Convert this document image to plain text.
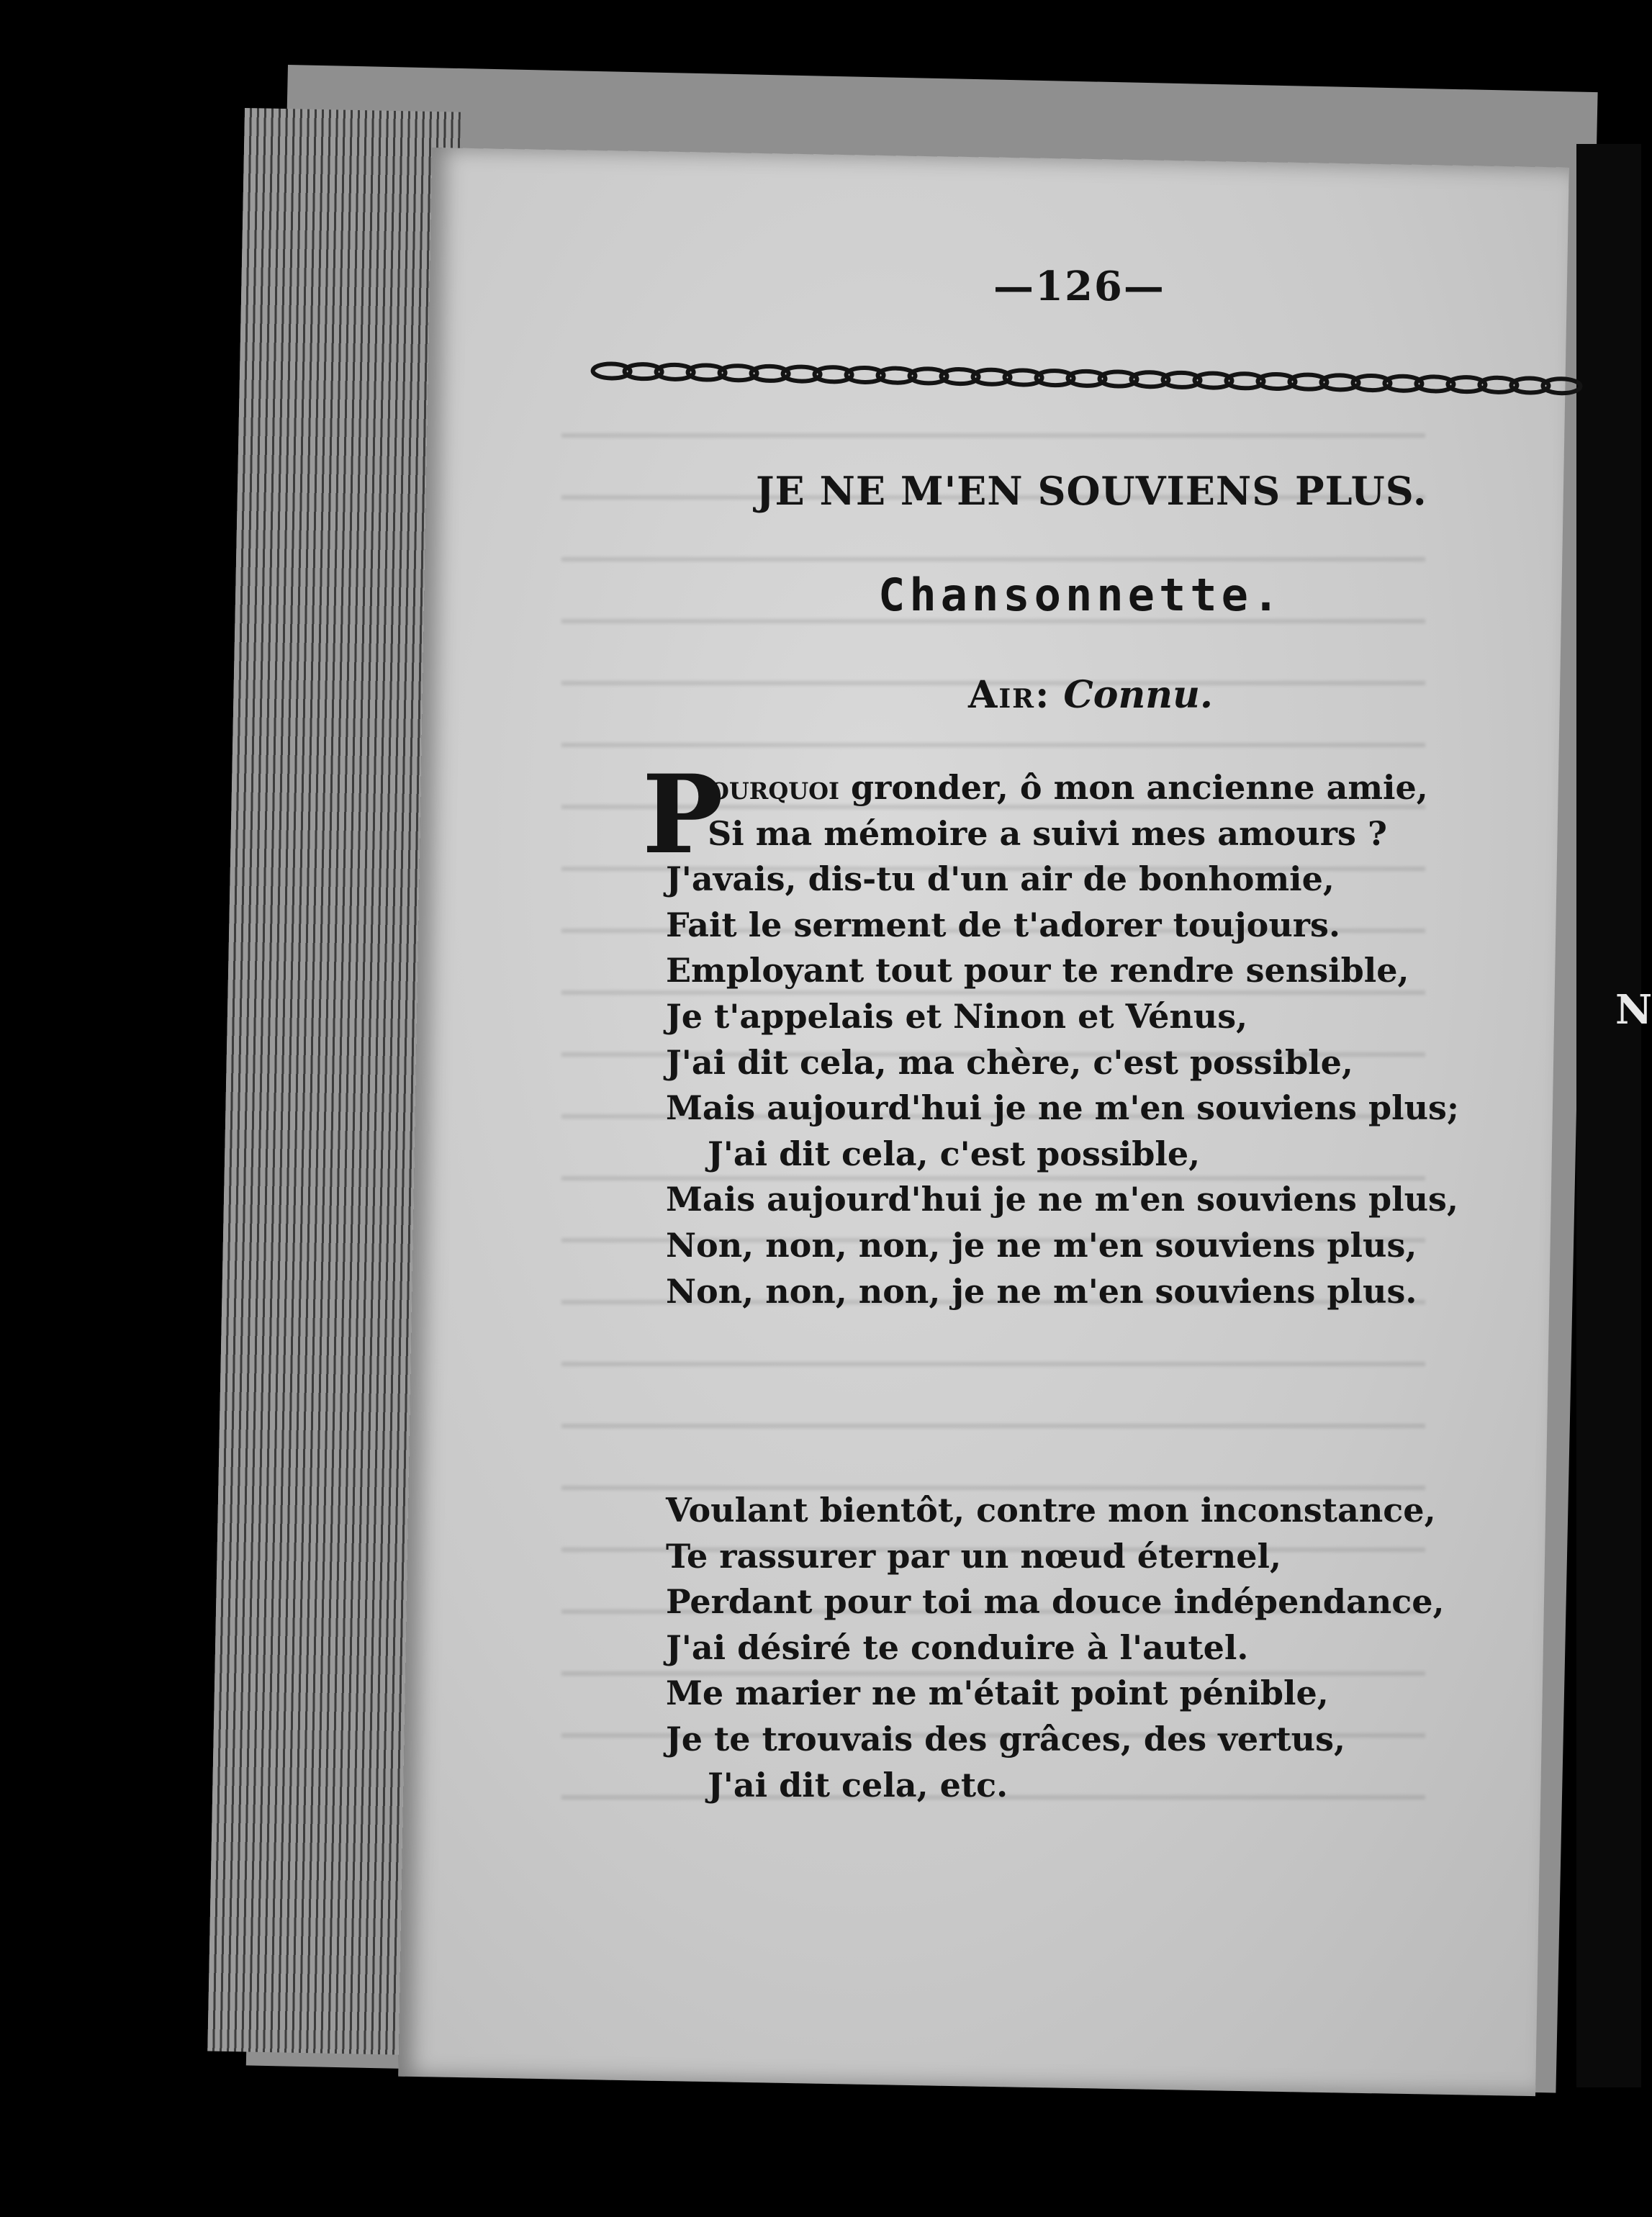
N
—126—
JE NE M'EN SOUVIENS PLUS.
Chansonnette.
Air: Connu.
P
ourquoi gronder, ô mon ancienne amie,
Si ma mémoire a suivi mes amours ?
J'avais, dis-tu d'un air de bonhomie,
Fait le serment de t'adorer toujours.
Employant tout pour te rendre sensible,
Je t'appelais et Ninon et Vénus,
J'ai dit cela, ma chère, c'est possible,
Mais aujourd'hui je ne m'en souviens plus;
J'ai dit cela, c'est possible,
Mais aujourd'hui je ne m'en souviens plus,
Non, non, non, je ne m'en souviens plus,
Non, non, non, je ne m'en souviens plus.
Voulant bientôt, contre mon inconstance,
Te rassurer par un nœud éternel,
Perdant pour toi ma douce indépendance,
J'ai désiré te conduire à l'autel.
Me marier ne m'était point pénible,
Je te trouvais des grâces, des vertus,
J'ai dit cela, etc.
